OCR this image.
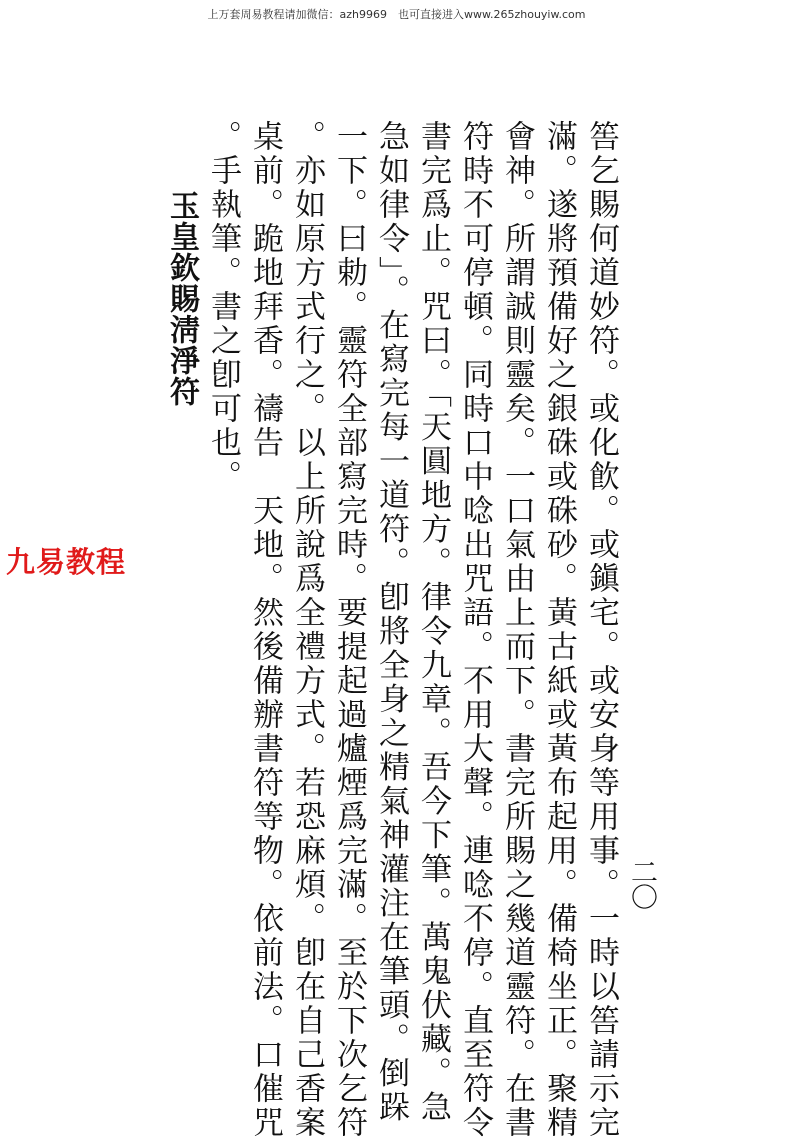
上万套周易教程请加微信：azh9969　也可直接进入www.265zhouyiw.com
二〇
筶乞賜何道妙符。或化飮。或鎭宅。或安身等用事。一時以筶請示完
滿。遂將預備好之銀硃或硃砂。黃古紙或黃布起用。備椅坐正。聚精
會神。所謂誠則靈矣。一口氣由上而下。書完所賜之幾道靈符。在書
符時不可停頓。同時口中唸出咒語。不用大聲。連唸不停。直至符令
書完爲止。咒曰。「天圓地方。律令九章。吾今下筆。萬鬼伏藏。急
急如律令」。在寫完每一道符。卽將全身之精氣神灌注在筆頭。倒跺
一下。曰勅。靈符全部寫完時。要提起過爐煙爲完滿。至於下次乞符
。亦如原方式行之。以上所說爲全禮方式。若恐麻煩。卽在自己香案
桌前。跪地拜香。禱告　天地。然後備辦書符等物。依前法。口催咒
。手執筆。書之卽可也。
玉皇欽賜淸淨符
九易教程
